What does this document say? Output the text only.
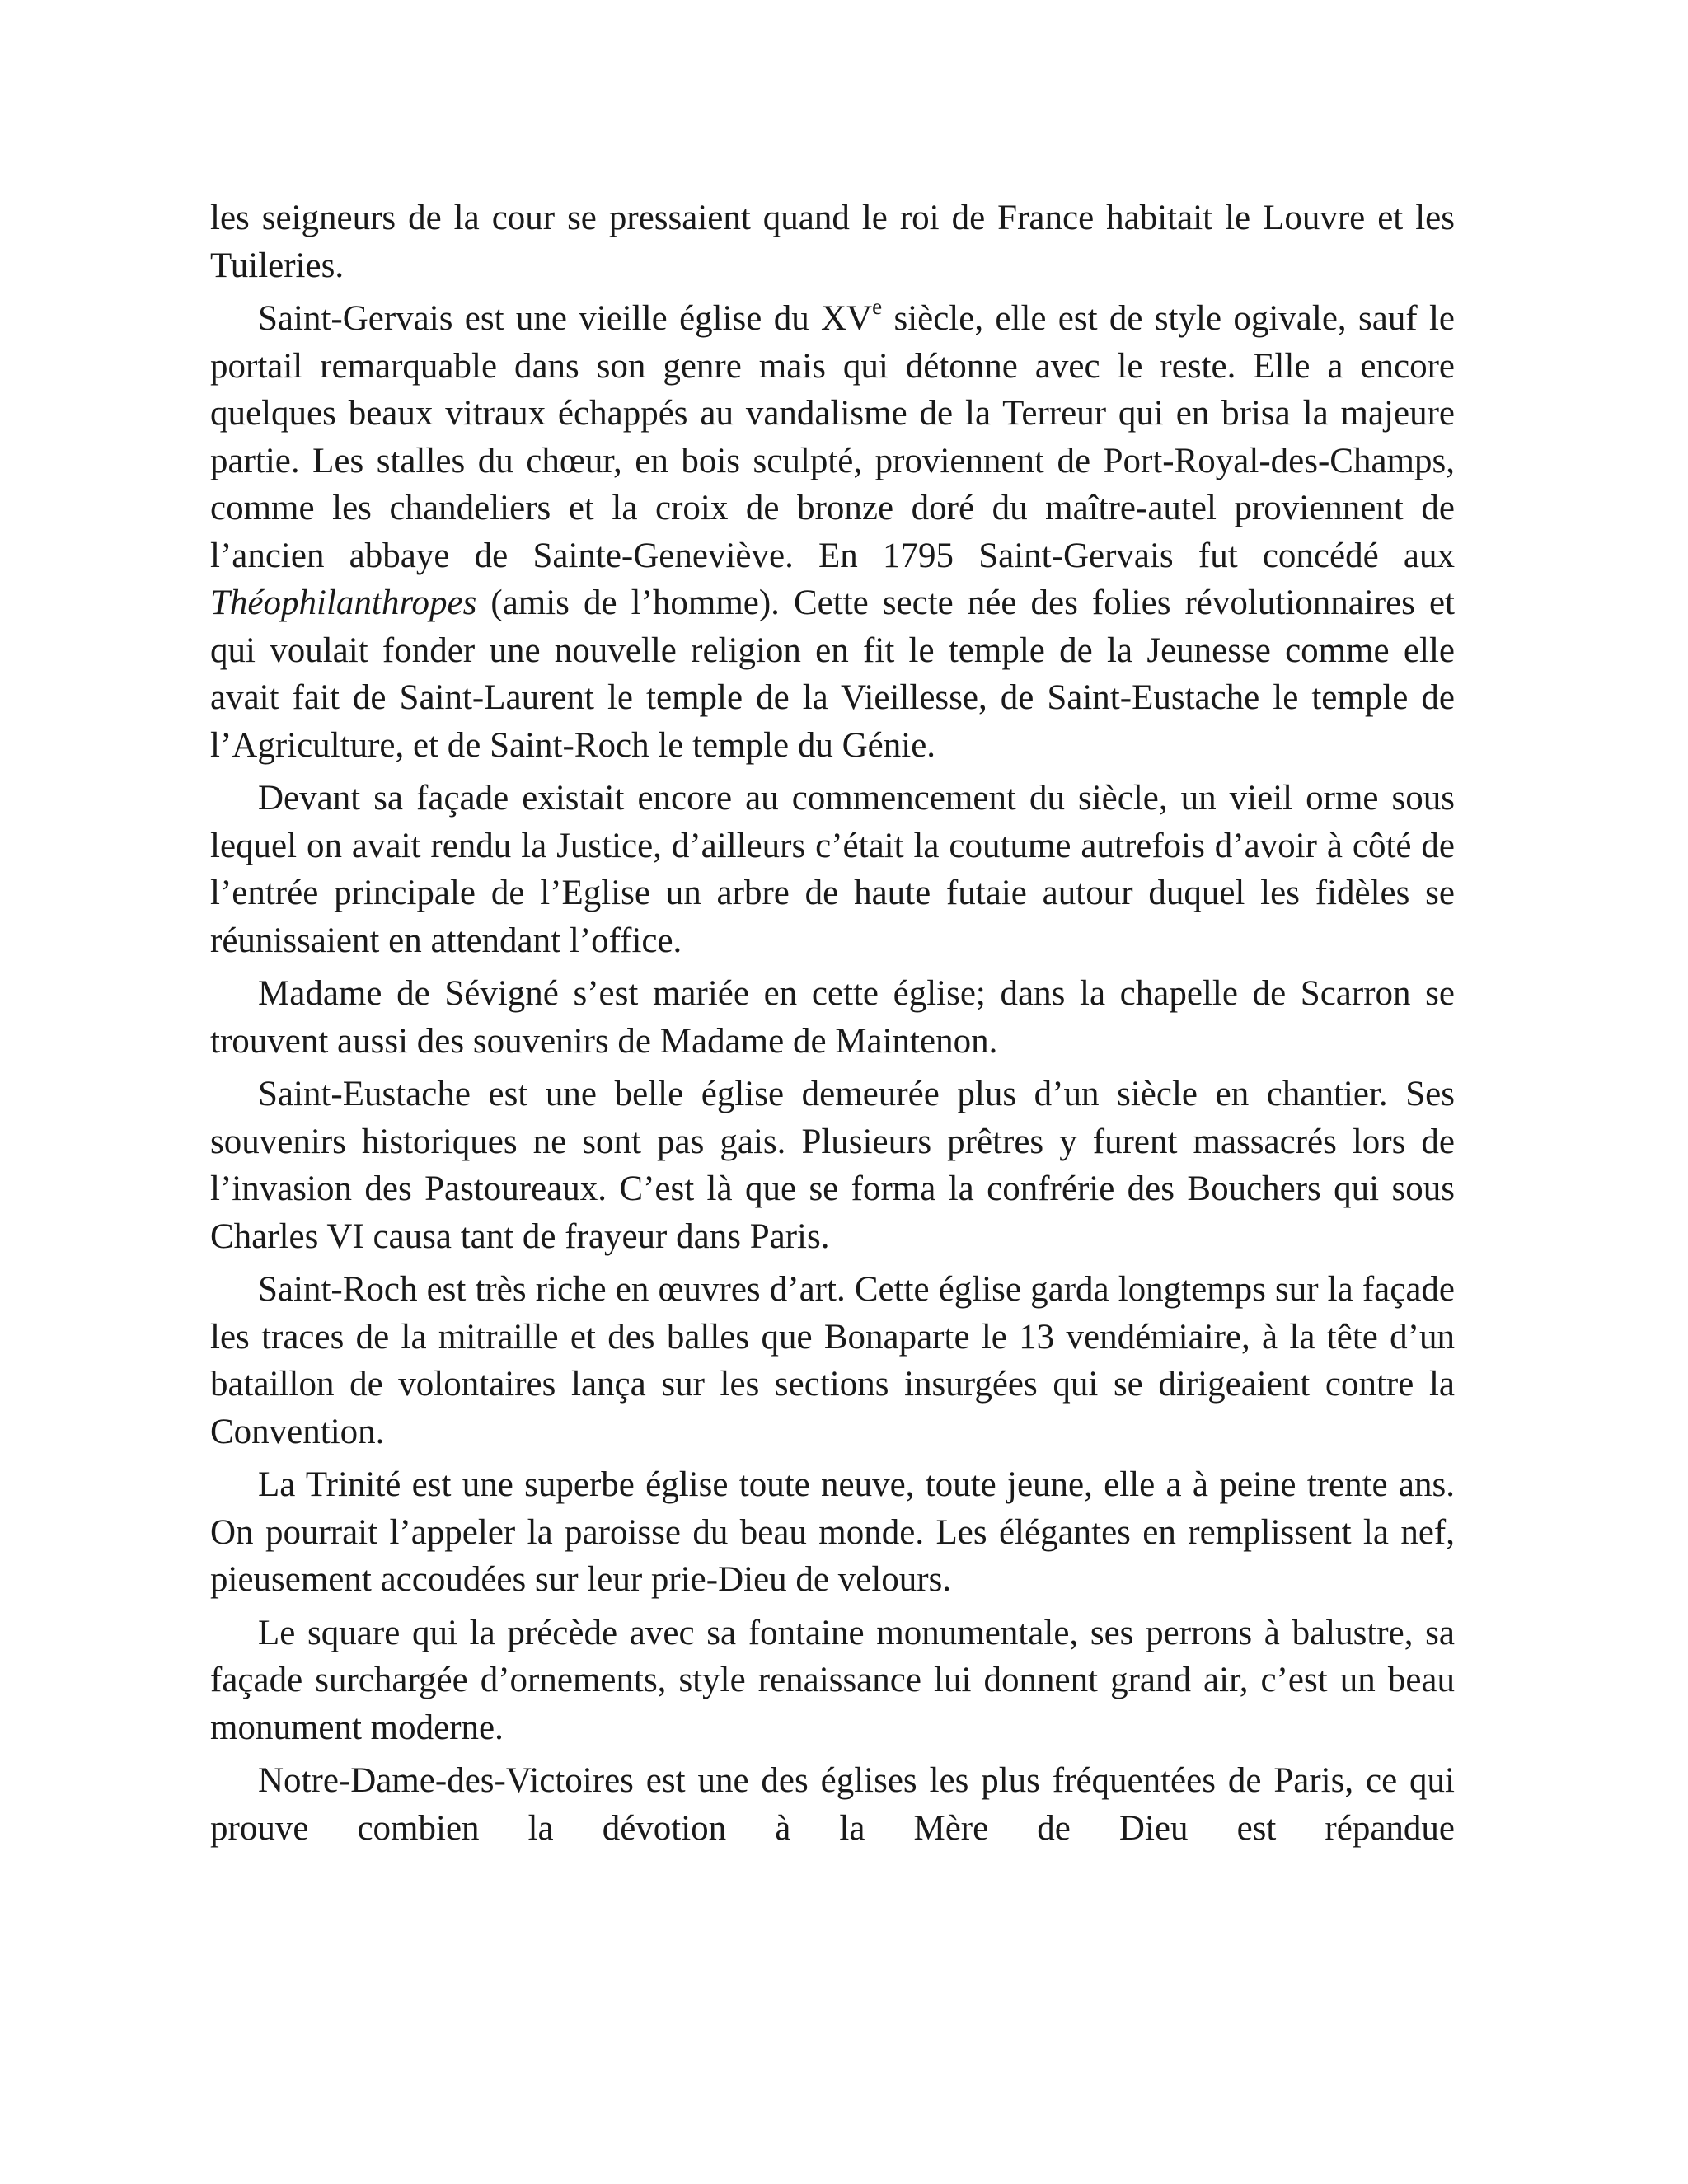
les seigneurs de la cour se pressaient quand le roi de France habitait le Louvre et les Tuileries.

Saint-Gervais est une vieille église du XVe siècle, elle est de style ogivale, sauf le portail remarquable dans son genre mais qui détonne avec le reste. Elle a encore quelques beaux vitraux échappés au vandalisme de la Terreur qui en brisa la majeure partie. Les stalles du chœur, en bois sculpté, proviennent de Port-Royal-des-Champs, comme les chandeliers et la croix de bronze doré du maître-autel proviennent de l’ancien abbaye de Sainte-Geneviève. En 1795 Saint-Gervais fut concédé aux Théophilanthropes (amis de l’homme). Cette secte née des folies révolutionnaires et qui voulait fonder une nouvelle religion en fit le temple de la Jeunesse comme elle avait fait de Saint-Laurent le temple de la Vieillesse, de Saint-Eustache le temple de l’Agriculture, et de Saint-Roch le temple du Génie.

Devant sa façade existait encore au commencement du siècle, un vieil orme sous lequel on avait rendu la Justice, d’ailleurs c’était la coutume autrefois d’avoir à côté de l’entrée principale de l’Eglise un arbre de haute futaie autour duquel les fidèles se réunissaient en attendant l’office.

Madame de Sévigné s’est mariée en cette église; dans la chapelle de Scarron se trouvent aussi des souvenirs de Madame de Maintenon.

Saint-Eustache est une belle église demeurée plus d’un siècle en chantier. Ses souvenirs historiques ne sont pas gais. Plusieurs prêtres y furent massacrés lors de l’invasion des Pastoureaux. C’est là que se forma la confrérie des Bouchers qui sous Charles VI causa tant de frayeur dans Paris.

Saint-Roch est très riche en œuvres d’art. Cette église garda longtemps sur la façade les traces de la mitraille et des balles que Bonaparte le 13 vendémiaire, à la tête d’un bataillon de volontaires lança sur les sections insurgées qui se dirigeaient contre la Convention.

La Trinité est une superbe église toute neuve, toute jeune, elle a à peine trente ans. On pourrait l’appeler la paroisse du beau monde. Les élégantes en remplissent la nef, pieusement accoudées sur leur prie-Dieu de velours.

Le square qui la précède avec sa fontaine monumentale, ses perrons à balustre, sa façade surchargée d’ornements, style renaissance lui donnent grand air, c’est un beau monument moderne.

Notre-Dame-des-Victoires est une des églises les plus fréquentées de Paris, ce qui prouve combien la dévotion à la Mère de Dieu est répandue
